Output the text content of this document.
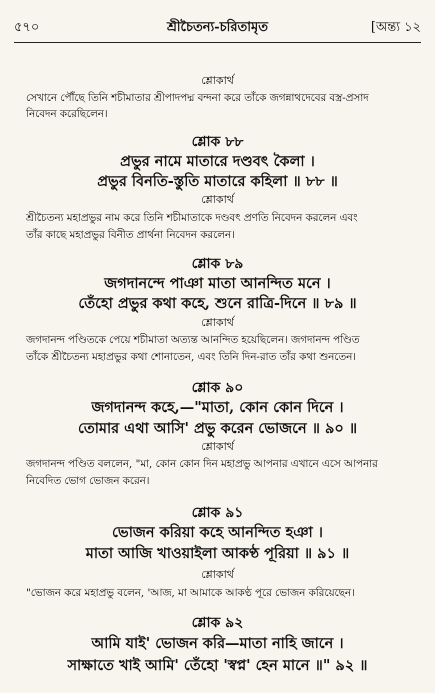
৫৭০	শ্রীচৈতন্য-চরিতামৃত	[অন্ত্য ১২
শ্লোকার্থ
সেখানে পৌঁছে তিনি শচীমাতার শ্রীপাদপদ্ম বন্দনা করে তাঁকে জগন্নাথদেবের বস্ত্র-প্রসাদ
নিবেদন করেছিলেন।
শ্লোক ৮৮
প্রভুর নামে মাতারে দণ্ডবৎ কৈলা ।
প্রভুর বিনতি-স্তুতি মাতারে কহিলা ॥ ৮৮ ॥
শ্লোকার্থ
শ্রীচৈতন্য মহাপ্রভুর নাম করে তিনি শচীমাতাকে দণ্ডবৎ প্রণতি নিবেদন করলেন এবং
তাঁর কাছে মহাপ্রভুর বিনীত প্রার্থনা নিবেদন করলেন।
শ্লোক ৮৯
জগদানন্দে পাঞা মাতা আনন্দিত মনে ।
তেঁহো প্রভুর কথা কহে, শুনে রাত্রি-দিনে ॥ ৮৯ ॥
শ্লোকার্থ
জগদানন্দ পণ্ডিতকে পেয়ে শচীমাতা অত্যন্ত আনন্দিত হয়েছিলেন। জগদানন্দ পণ্ডিত
তাঁকে শ্রীচৈতন্য মহাপ্রভুর কথা শোনাতেন, এবং তিনি দিন-রাত তাঁর কথা শুনতেন।
শ্লোক ৯০
জগদানন্দ কহে,—"মাতা, কোন কোন দিনে ।
তোমার এথা আসি' প্রভু করেন ভোজনে ॥ ৯০ ॥
শ্লোকার্থ
জগদানন্দ পণ্ডিত বললেন, "মা, কোন কোন দিন মহাপ্রভু আপনার এখানে এসে আপনার
নিবেদিত ভোগ ভোজন করেন।
শ্লোক ৯১
ভোজন করিয়া কহে আনন্দিত হঞা ।
মাতা আজি খাওয়াইলা আকণ্ঠ পূরিয়া ॥ ৯১ ॥
শ্লোকার্থ
"ভোজন করে মহাপ্রভু বলেন, 'আজ, মা আমাকে আকণ্ঠ পূরে ভোজন করিয়েছেন।
শ্লোক ৯২
আমি যাই' ভোজন করি—মাতা নাহি জানে ।
সাক্ষাতে খাই আমি' তেঁহো 'স্বপ্ন' হেন মানে ॥" ৯২ ॥
